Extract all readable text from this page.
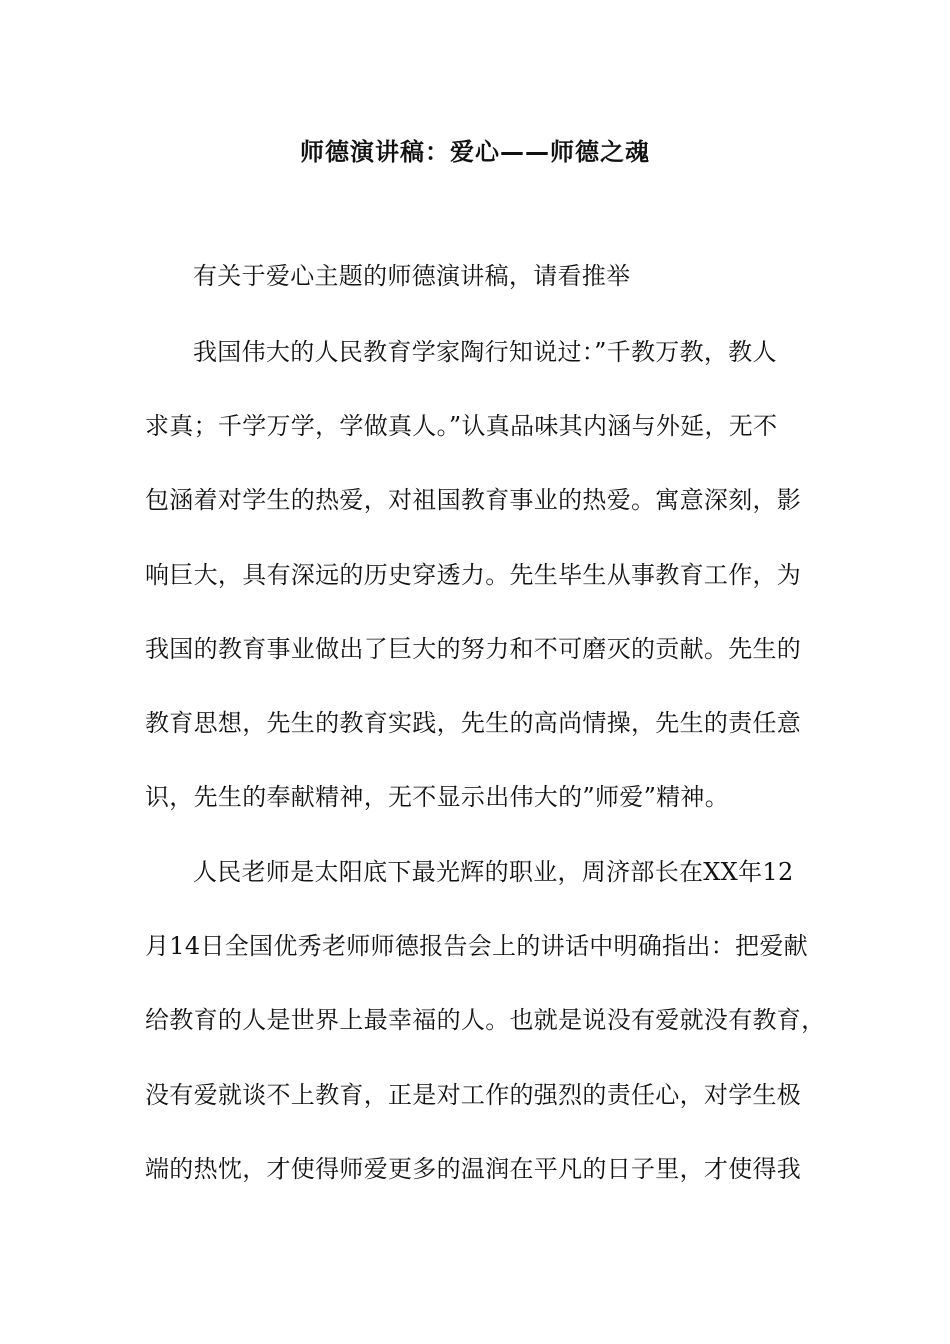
师德演讲稿：爱心——师德之魂

有关于爱心主题的师德演讲稿，请看推举

我国伟大的人民教育学家陶行知说过：”千教万教，教人

求真；千学万学，学做真人。”认真品味其内涵与外延，无不

包涵着对学生的热爱，对祖国教育事业的热爱。寓意深刻，影

响巨大，具有深远的历史穿透力。先生毕生从事教育工作，为

我国的教育事业做出了巨大的努力和不可磨灭的贡献。先生的

教育思想，先生的教育实践，先生的高尚情操，先生的责任意

识，先生的奉献精神，无不显示出伟大的”师爱”精神。

人民老师是太阳底下最光辉的职业，周济部长在XX年12

月14日全国优秀老师师德报告会上的讲话中明确指出：把爱献

给教育的人是世界上最幸福的人。也就是说没有爱就没有教育，

没有爱就谈不上教育，正是对工作的强烈的责任心，对学生极

端的热忱，才使得师爱更多的温润在平凡的日子里，才使得我
